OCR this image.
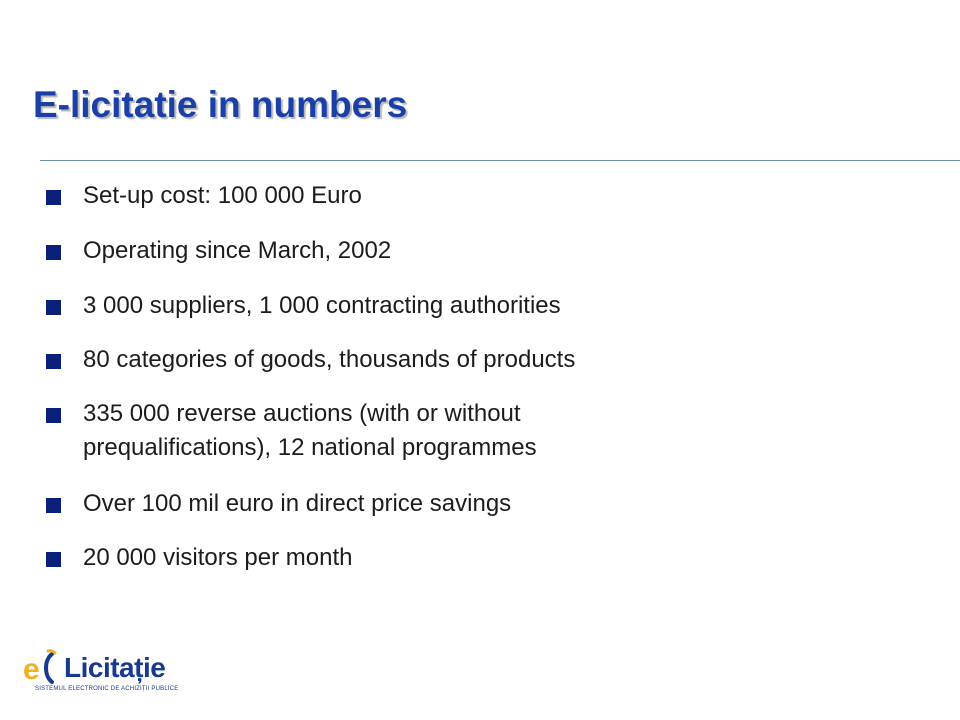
E-licitatie in numbers
Set-up cost: 100 000 Euro
Operating since March, 2002
3 000 suppliers, 1 000 contracting authorities
80 categories of goods, thousands of products
335 000 reverse auctions (with or without
prequalifications), 12 national programmes
Over 100 mil euro in direct price savings
20 000 visitors per month
e Licitație
SISTEMUL ELECTRONIC DE ACHIZIȚII PUBLICE
